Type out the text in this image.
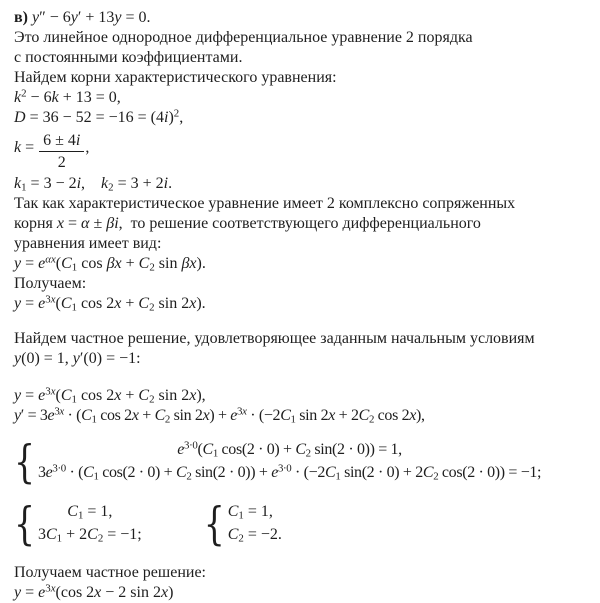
в) y″ − 6y′ + 13y = 0.
Это линейное однородное дифференциальное уравнение 2 порядка
с постоянными коэффициентами.
Найдем корни характеристического уравнения:
$k^2 - 6k + 13 = 0$,
$D = 36 - 52 = -16 = (4i)^2$,
$k = \frac{6 \pm 4i}{2}$ ,
$k_1 = 3 - 2i$,    $k_2 = 3 + 2i$.
Так как характеристическое уравнение имеет 2 комплексно сопряженных
корня x = α ± βi,  то решение соответствующего дифференциального
уравнения имеет вид:
$y = e^{\alpha x}(C_1$ $\cos \beta x + C_2$ sin βx).
Получаем:
$y = e^{3x}(C_1$ $\cos 2x + C_2$ sin 2x).
Найдем частное решение, удовлетворяющее заданным начальным условиям
y(0) = 1, y′(0) = −1:
$y = e^{3x}(C_1$ $\cos 2x + C_2$ sin 2x),
$y' = 3e^{3x} \cdot (C_1$ $\cos 2x + C_2$ $\sin 2x) + e^{3x} \cdot (-2C_1$ $\sin 2x + 2C_2$ cos 2x),
{	$e^{3\cdot 0}(C_1$ $\cos(2 \cdot 0) + C_2$ sin(2 · 0)) = 1,
$3e^{3\cdot 0} \cdot (C_1$ $\cos(2 \cdot 0) + C_2$ $\sin(2 \cdot 0)) + e^{3\cdot 0} \cdot (-2C_1$ $\sin(2 \cdot 0) + 2C_2$ cos(2 · 0)) = −1;
{ $C_1 = 1$,
$3C_1 + 2C_2 = -1$; { $C_1 = 1$,
$C_2 = -2$.
Получаем частное решение:
$y = e^{3x}(\cos$ 2x − 2 sin 2x)
